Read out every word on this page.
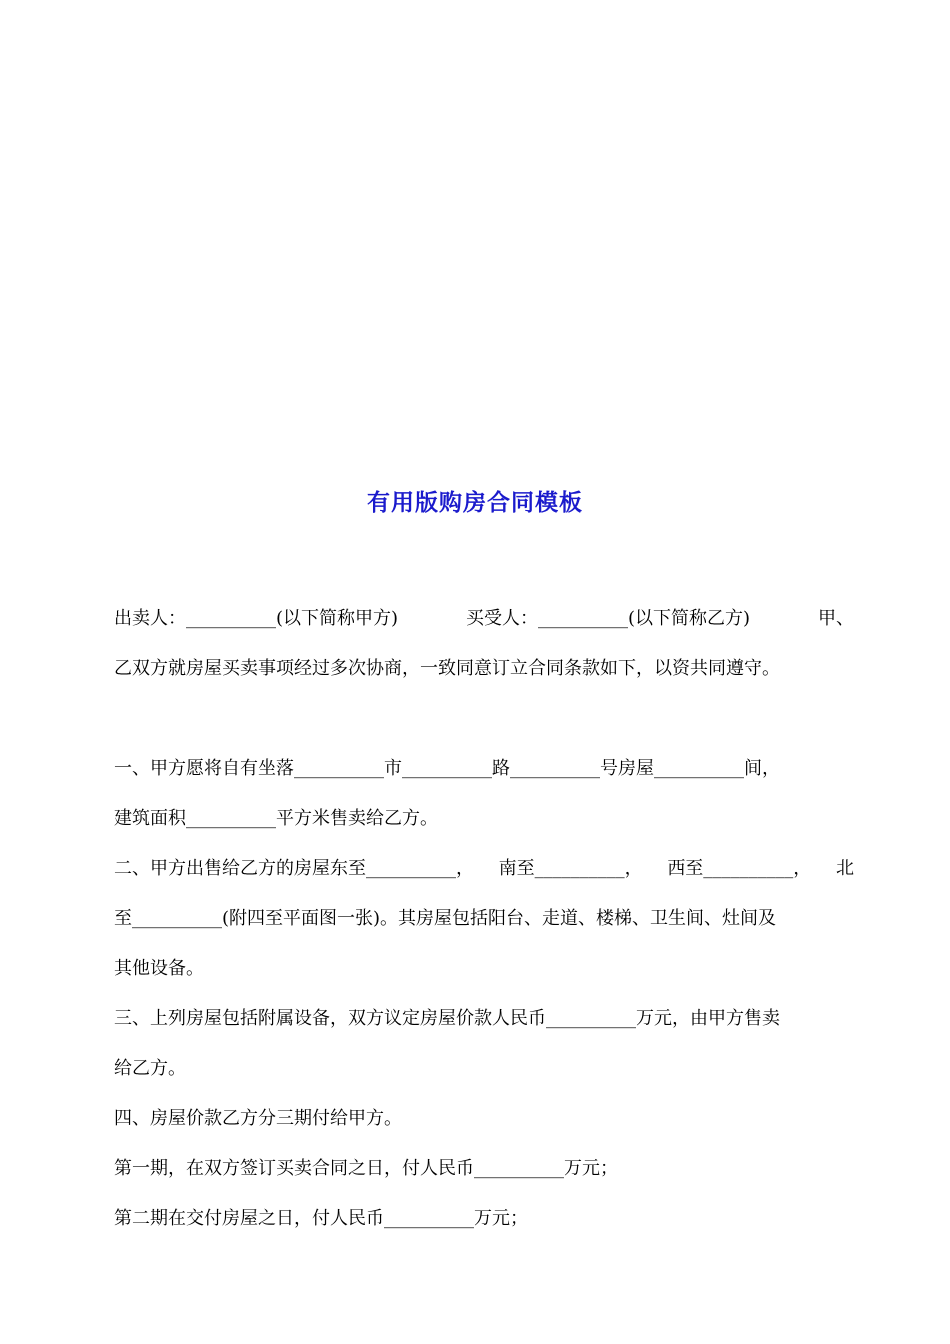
有用版购房合同模板
出卖人：__________(以下简称甲方)	买受人：__________(以下简称乙方)	甲、
乙双方就房屋买卖事项经过多次协商，一致同意订立合同条款如下，以资共同遵守。
一、甲方愿将自有坐落__________市__________路__________号房屋__________间，
建筑面积__________平方米售卖给乙方。
二、甲方出售给乙方的房屋东至__________， 南至__________， 西至__________， 北
至__________(附四至平面图一张)。其房屋包括阳台、走道、楼梯、卫生间、灶间及
其他设备。
三、上列房屋包括附属设备，双方议定房屋价款人民币__________万元，由甲方售卖
给乙方。
四、房屋价款乙方分三期付给甲方。
第一期，在双方签订买卖合同之日，付人民币__________万元；
第二期在交付房屋之日，付人民币__________万元；
